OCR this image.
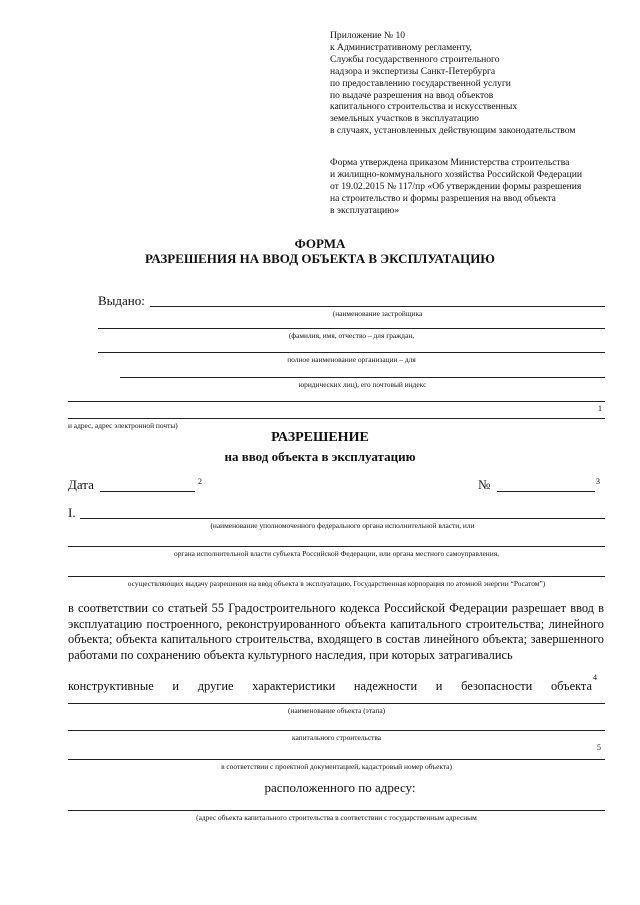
Приложение № 10
к Административному регламенту,
Службы государственного строительного
надзора и экспертизы Санкт-Петербурга
по предоставлению государственной услуги
по выдаче разрешения на ввод объектов
капитального строительства и искусственных
земельных участков в эксплуатацию
в случаях, установленных действующим законодательством
Форма утверждена приказом Министерства строительства
и жилищно-коммунального хозяйства Российской Федерации
от 19.02.2015 № 117/пр «Об утверждении формы разрешения
на строительство и формы разрешения на ввод объекта
в эксплуатацию»
ФОРМА
РАЗРЕШЕНИЯ НА ВВОД ОБЪЕКТА В ЭКСПЛУАТАЦИЮ
Выдано:
(наименование застройщика
(фамилия, имя, отчество – для граждан,
полное наименование организации – для
юридических лиц), его почтовый индекс
1
и адрес, адрес электронной почты)
РАЗРЕШЕНИЕ
на ввод объекта в эксплуатацию
Дата	2	№	3
I.
(наименование уполномоченного федерального органа исполнительной власти, или
органа исполнительной власти субъекта Российской Федерации, или органа местного самоуправления,
осуществляющих выдачу разрешения на ввод объекта в эксплуатацию, Государственная корпорация по атомной энергии “Росатом”)
в соответствии со статьей 55 Градостроительного кодекса Российской Федерации разрешает ввод в эксплуатацию построенного, реконструированного объекта капитального строительства; линейного объекта; объекта капитального строительства, входящего в состав линейного объекта; завершенного работами по сохранению объекта культурного наследия, при которых затрагивались
конструктивные и другие характеристики надежности и безопасности объекта
4
(наименование объекта (этапа)
капитального строительства
5
в соответствии с проектной документацией, кадастровый номер объекта)
расположенного по адресу:
(адрес объекта капитального строительства в соответствии с государственным адресным
